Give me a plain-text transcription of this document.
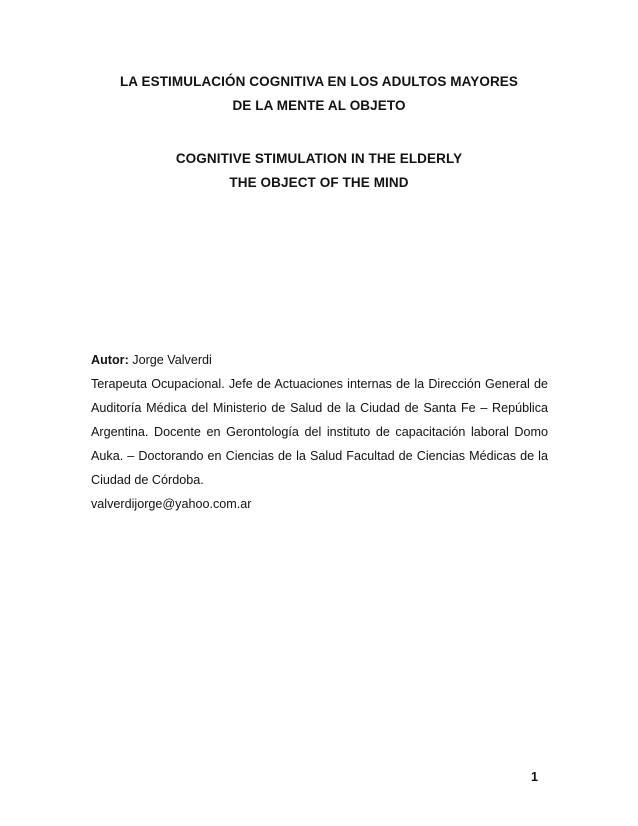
LA ESTIMULACIÓN COGNITIVA EN LOS ADULTOS MAYORES
DE LA MENTE AL OBJETO
COGNITIVE STIMULATION IN THE ELDERLY
THE OBJECT OF THE MIND
Autor: Jorge Valverdi

Terapeuta Ocupacional. Jefe de Actuaciones internas de la Dirección General de Auditoría Médica del Ministerio de Salud de la Ciudad de Santa Fe – República Argentina. Docente en Gerontología del instituto de capacitación laboral Domo Auka. – Doctorando en Ciencias de la Salud Facultad de Ciencias Médicas de la Ciudad de Córdoba.

valverdijorge@yahoo.com.ar
1
